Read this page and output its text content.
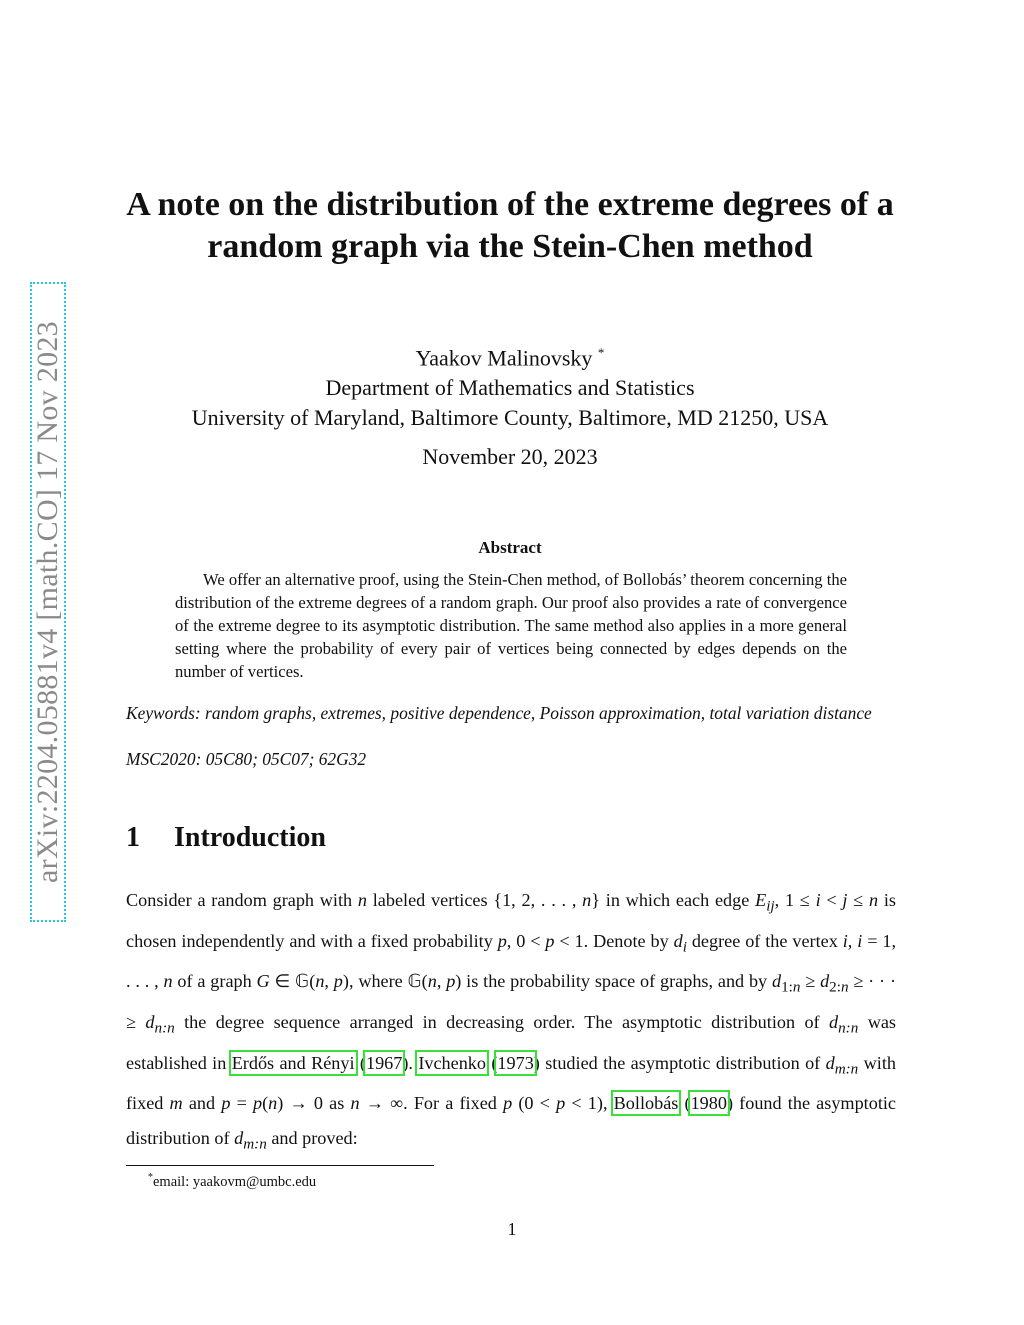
arXiv:2204.05881v4 [math.CO] 17 Nov 2023
A note on the distribution of the extreme degrees of a random graph via the Stein-Chen method
Yaakov Malinovsky *
Department of Mathematics and Statistics
University of Maryland, Baltimore County, Baltimore, MD 21250, USA
November 20, 2023
Abstract

We offer an alternative proof, using the Stein-Chen method, of Bollobás’ theorem concerning the distribution of the extreme degrees of a random graph. Our proof also provides a rate of convergence of the extreme degree to its asymptotic distribution. The same method also applies in a more general setting where the probability of every pair of vertices being connected by edges depends on the number of vertices.

Keywords: random graphs, extremes, positive dependence, Poisson approximation, total variation distance

MSC2020: 05C80; 05C07; 62G32

1 Introduction

Consider a random graph with n labeled vertices {1, 2, . . . , n} in which each edge $E_{ij}$, 1 ≤ i < j ≤ n is chosen independently and with a fixed probability p, 0 < p < 1. Denote by $d_i$ degree of the vertex i, i = 1, . . . , n of a graph G ∈ 𝔾(n, p), where 𝔾(n, p) is the probability space of graphs, and by $d_{1:n} \ge d_{2:n}$ ≥ · · · ≥ $d_{n:n}$ the degree sequence arranged in decreasing order. The asymptotic distribution of $d_{n:n}$ was established in Erdős and Rényi (1967). Ivchenko (1973) studied the asymptotic distribution of $d_{m:n}$ with fixed m and p = p(n) → 0 as n → ∞. For a fixed p (0 < p < 1), Bollobás (1980) found the asymptotic distribution of $d_{m:n}$ and proved:

*email: yaakovm@umbc.edu
1
